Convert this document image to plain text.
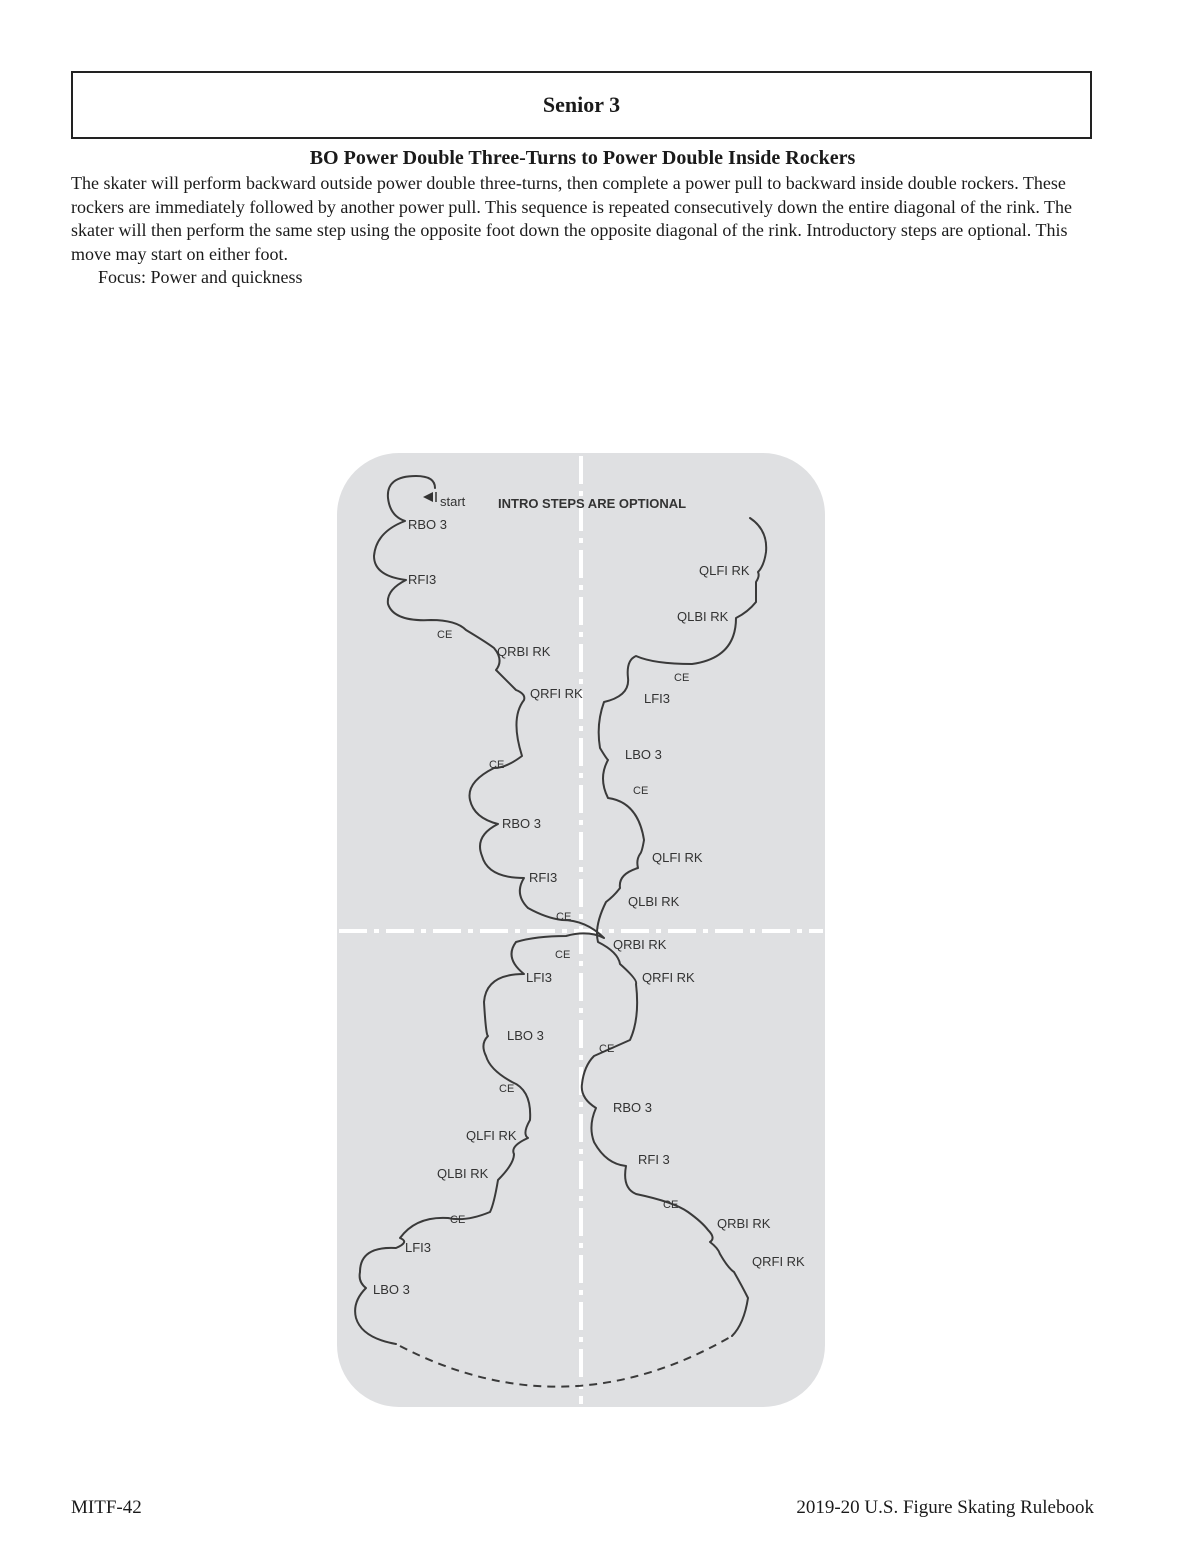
Senior 3
BO Power Double Three-Turns to Power Double Inside Rockers

The skater will perform backward outside power double three-turns, then complete a power pull to backward inside double rockers. These rockers are immediately followed by another power pull. This sequence is repeated consecutively down the entire diagonal of the rink. The skater will then perform the same step using the opposite foot down the opposite diagonal of the rink. Introductory steps are optional. This move may start on either foot.

Focus: Power and quickness

start	INTRO STEPS ARE OPTIONAL
RBO 3
RFI3
CE
QRBI RK
QRFI RK
CE
RBO 3
RFI3
CE
QLFI RK
QLBI RK
CE
LFI3
LBO 3
CE
QLFI RK
QLBI RK
CE
LFI3
LBO 3
CE
QLFI RK
QLBI RK
CE
LFI3
LBO 3
QRBI RK
QRFI RK
CE
RBO 3
RFI 3
CE
QRBI RK
QRFI RK

MITF-42	2019-20 U.S. Figure Skating Rulebook
